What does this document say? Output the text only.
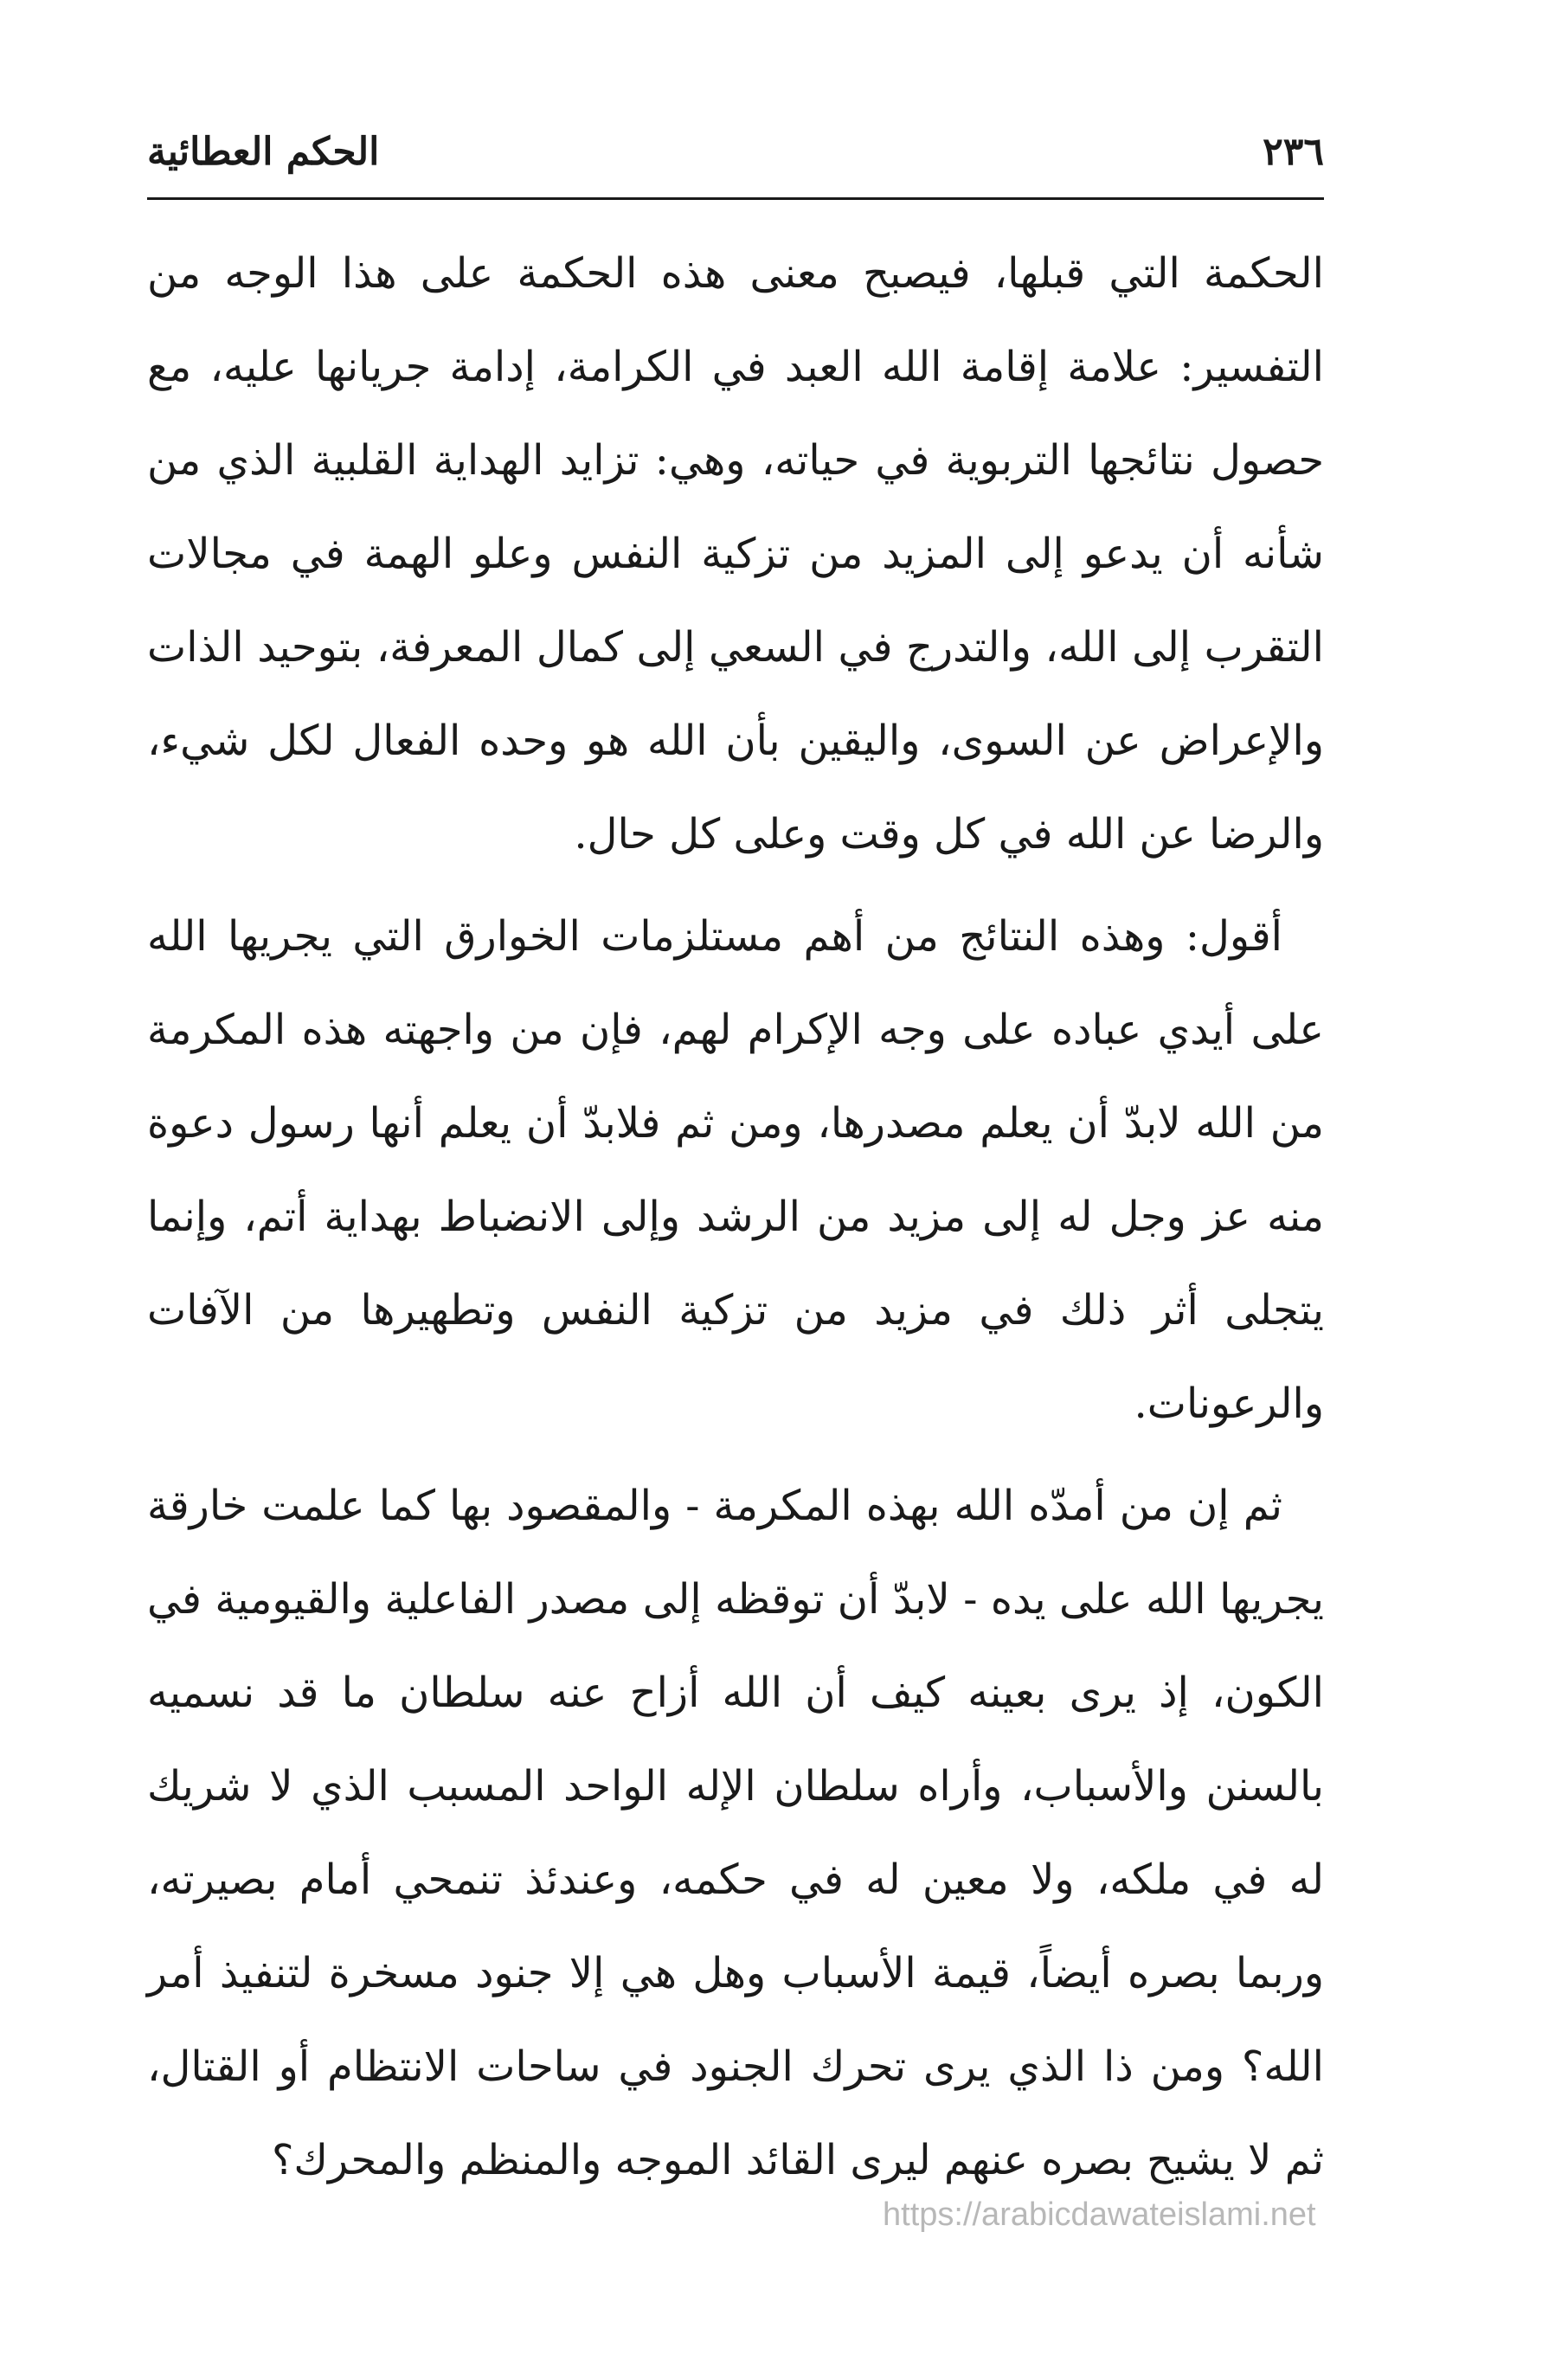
٢٣٦
الحكم العطائية

الحكمة التي قبلها، فيصبح معنى هذه الحكمة على هذا الوجه من التفسير: علامة إقامة الله العبد في الكرامة، إدامة جريانها عليه، مع حصول نتائجها التربوية في حياته، وهي: تزايد الهداية القلبية الذي من شأنه أن يدعو إلى المزيد من تزكية النفس وعلو الهمة في مجالات التقرب إلى الله، والتدرج في السعي إلى كمال المعرفة، بتوحيد الذات والإعراض عن السوى، واليقين بأن الله هو وحده الفعال لكل شيء، والرضا عن الله في كل وقت وعلى كل حال.

أقول: وهذه النتائج من أهم مستلزمات الخوارق التي يجريها الله على أيدي عباده على وجه الإكرام لهم، فإن من واجهته هذه المكرمة من الله لابدّ أن يعلم مصدرها، ومن ثم فلابدّ أن يعلم أنها رسول دعوة منه عز وجل له إلى مزيد من الرشد وإلى الانضباط بهداية أتم، وإنما يتجلى أثر ذلك في مزيد من تزكية النفس وتطهيرها من الآفات والرعونات.

ثم إن من أمدّه الله بهذه المكرمة - والمقصود بها كما علمت خارقة يجريها الله على يده - لابدّ أن توقظه إلى مصدر الفاعلية والقيومية في الكون، إذ يرى بعينه كيف أن الله أزاح عنه سلطان ما قد نسميه بالسنن والأسباب، وأراه سلطان الإله الواحد المسبب الذي لا شريك له في ملكه، ولا معين له في حكمه، وعندئذ تنمحي أمام بصيرته، وربما بصره أيضاً، قيمة الأسباب وهل هي إلا جنود مسخرة لتنفيذ أمر الله؟ ومن ذا الذي يرى تحرك الجنود في ساحات الانتظام أو القتال، ثم لا يشيح بصره عنهم ليرى القائد الموجه والمنظم والمحرك؟

https://arabicdawateislami.net
